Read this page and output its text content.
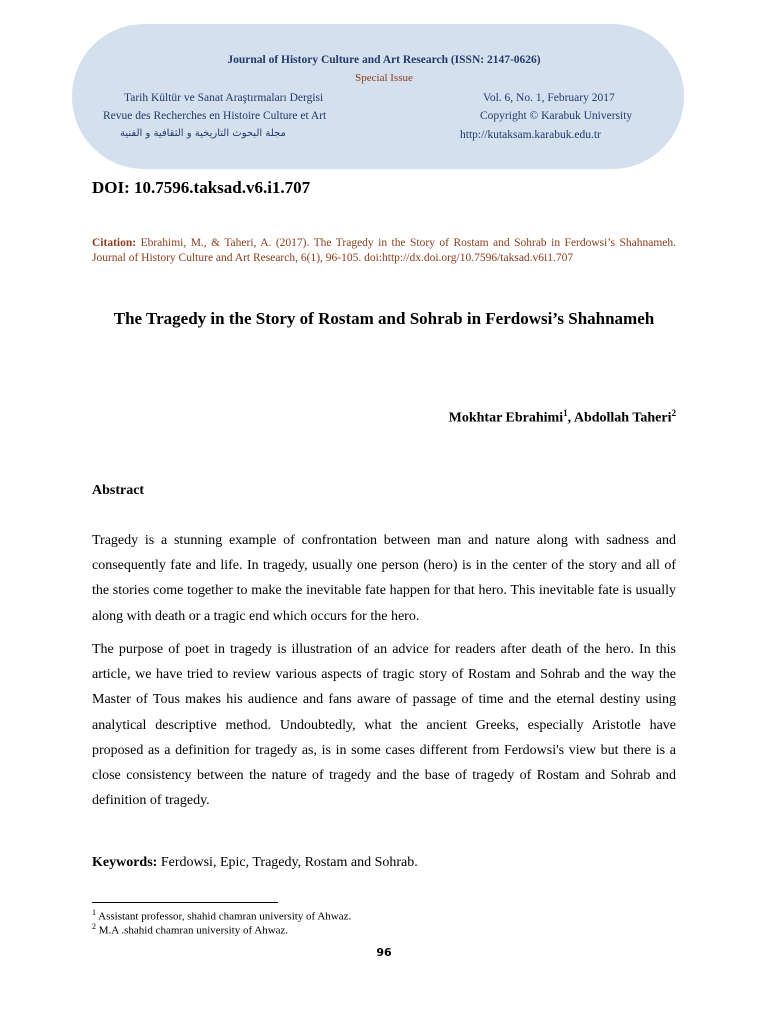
Journal of History Culture and Art Research (ISSN: 2147-0626)
Special Issue
Tarih Kültür ve Sanat Araştırmaları Dergisi
Revue des Recherches en Histoire Culture et Art
مجلة البحوث التاريخية و الثقافية و الفنية
Vol. 6, No. 1, February 2017
Copyright © Karabuk University
http://kutaksam.karabuk.edu.tr
DOI: 10.7596.taksad.v6.i1.707
Citation: Ebrahimi, M., & Taheri, A. (2017). The Tragedy in the Story of Rostam and Sohrab in Ferdowsi’s Shahnameh. Journal of History Culture and Art Research, 6(1), 96-105. doi:http://dx.doi.org/10.7596/taksad.v6i1.707
The Tragedy in the Story of Rostam and Sohrab in Ferdowsi’s Shahnameh
Mokhtar Ebrahimi$^1$, Abdollah Taheri$^2$
Abstract

Tragedy is a stunning example of confrontation between man and nature along with sadness and consequently fate and life. In tragedy, usually one person (hero) is in the center of the story and all of the stories come together to make the inevitable fate happen for that hero. This inevitable fate is usually along with death or a tragic end which occurs for the hero.

The purpose of poet in tragedy is illustration of an advice for readers after death of the hero. In this article, we have tried to review various aspects of tragic story of Rostam and Sohrab and the way the Master of Tous makes his audience and fans aware of passage of time and the eternal destiny using analytical descriptive method. Undoubtedly, what the ancient Greeks, especially Aristotle have proposed as a definition for tragedy as, is in some cases different from Ferdowsi's view but there is a close consistency between the nature of tragedy and the base of tragedy of Rostam and Sohrab and definition of tragedy.

Keywords: Ferdowsi, Epic, Tragedy, Rostam and Sohrab.
$^1$ Assistant professor, shahid chamran university of Ahwaz.
$^2$ M.A .shahid chamran university of Ahwaz.
96
